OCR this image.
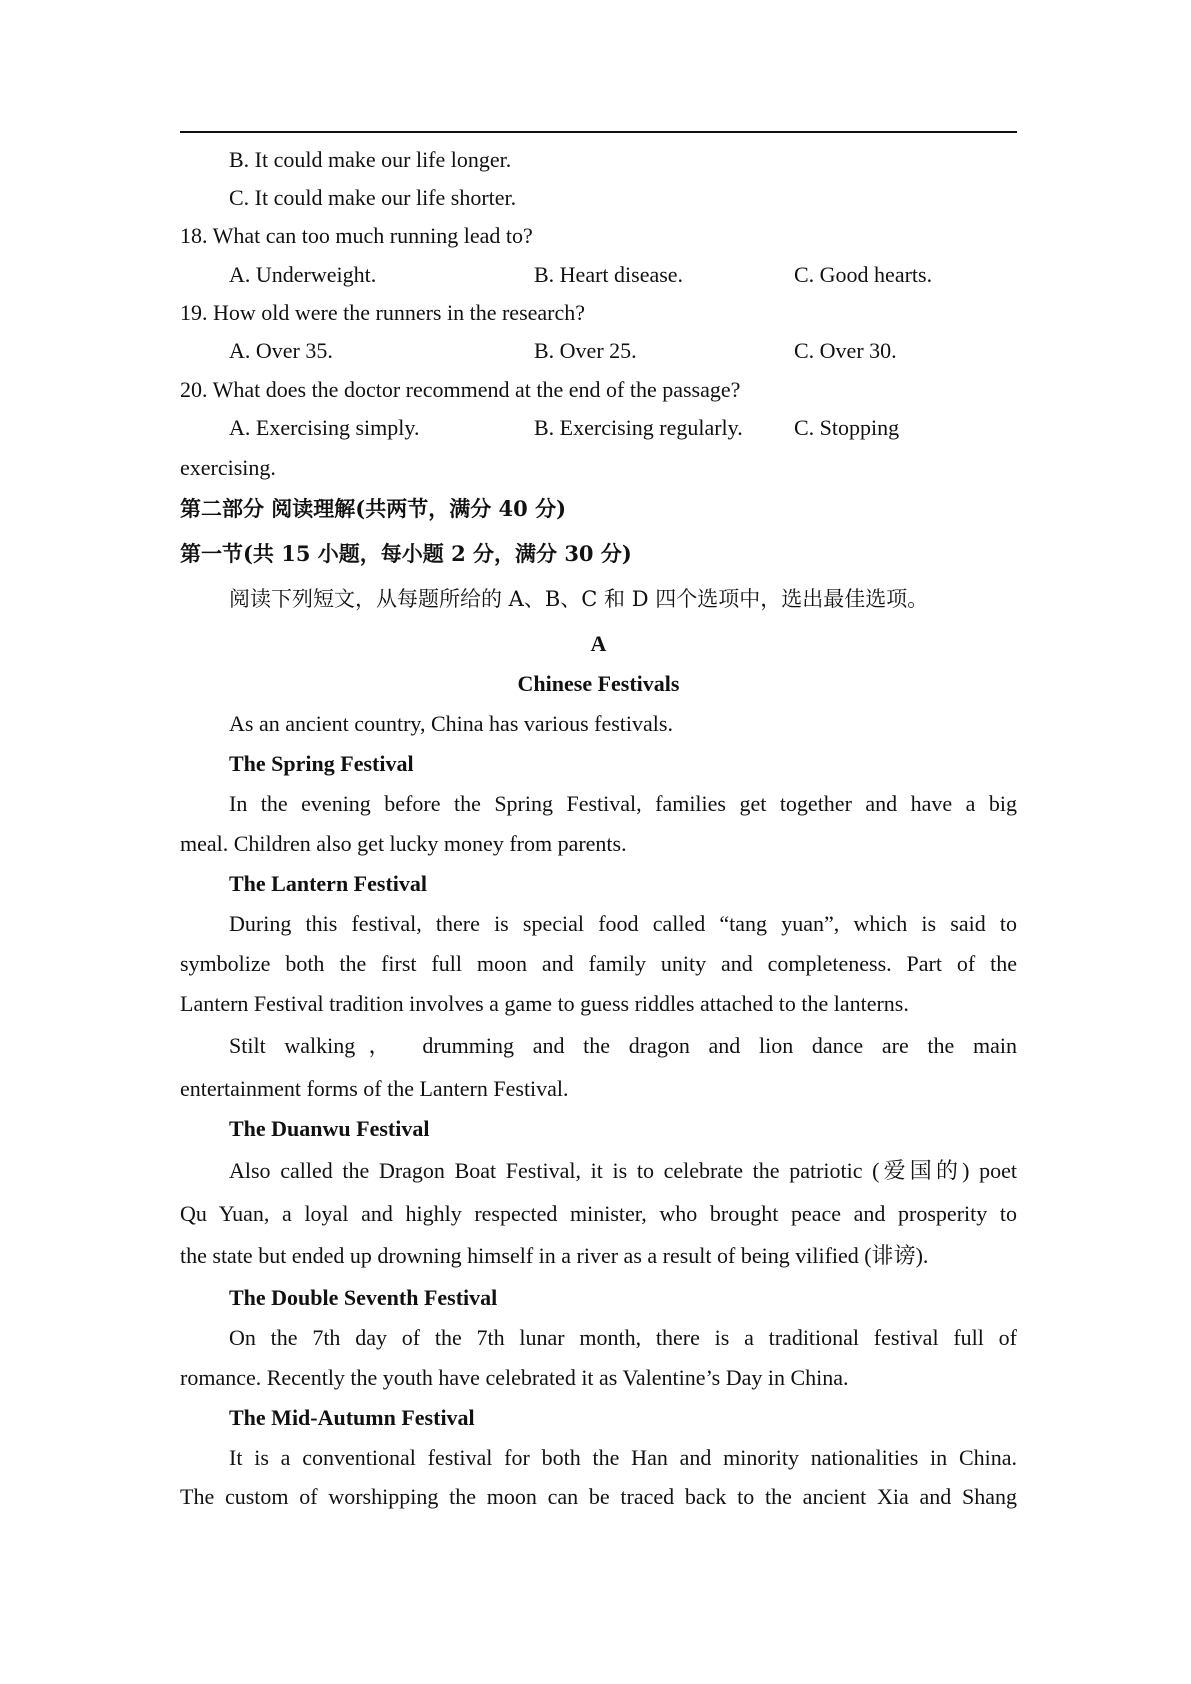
B. It could make our life longer.
C. It could make our life shorter.
18. What can too much running lead to?
A. Underweight.	B. Heart disease.	C. Good hearts.
19. How old were the runners in the research?
A. Over 35.	B. Over 25.	C. Over 30.
20. What does the doctor recommend at the end of the passage?
A. Exercising simply.	B. Exercising regularly. C. Stopping
exercising.
第二部分 阅读理解(共两节，满分 40 分)
第一节(共 15 小题，每小题 2 分，满分 30 分)
阅读下列短文，从每题所给的 A、B、C 和 D 四个选项中，选出最佳选项。
A
Chinese Festivals
As an ancient country, China has various festivals.
The Spring Festival
In the evening before the Spring Festival, families get together and have a big
meal. Children also get lucky money from parents.
The Lantern Festival
During this festival, there is special food called “tang yuan”, which is said to
symbolize both the first full moon and family unity and completeness. Part of the
Lantern Festival tradition involves a game to guess riddles attached to the lanterns.
Stilt walking， drumming and the dragon and lion dance are the main
entertainment forms of the Lantern Festival.
The Duanwu Festival
Also called the Dragon Boat Festival, it is to celebrate the patriotic (爱国的) poet
Qu Yuan, a loyal and highly respected minister, who brought peace and prosperity to
the state but ended up drowning himself in a river as a result of being vilified (诽谤).
The Double Seventh Festival
On the 7th day of the 7th lunar month, there is a traditional festival full of
romance. Recently the youth have celebrated it as Valentine’s Day in China.
The Mid-Autumn Festival
It is a conventional festival for both the Han and minority nationalities in China.
The custom of worshipping the moon can be traced back to the ancient Xia and Shang
